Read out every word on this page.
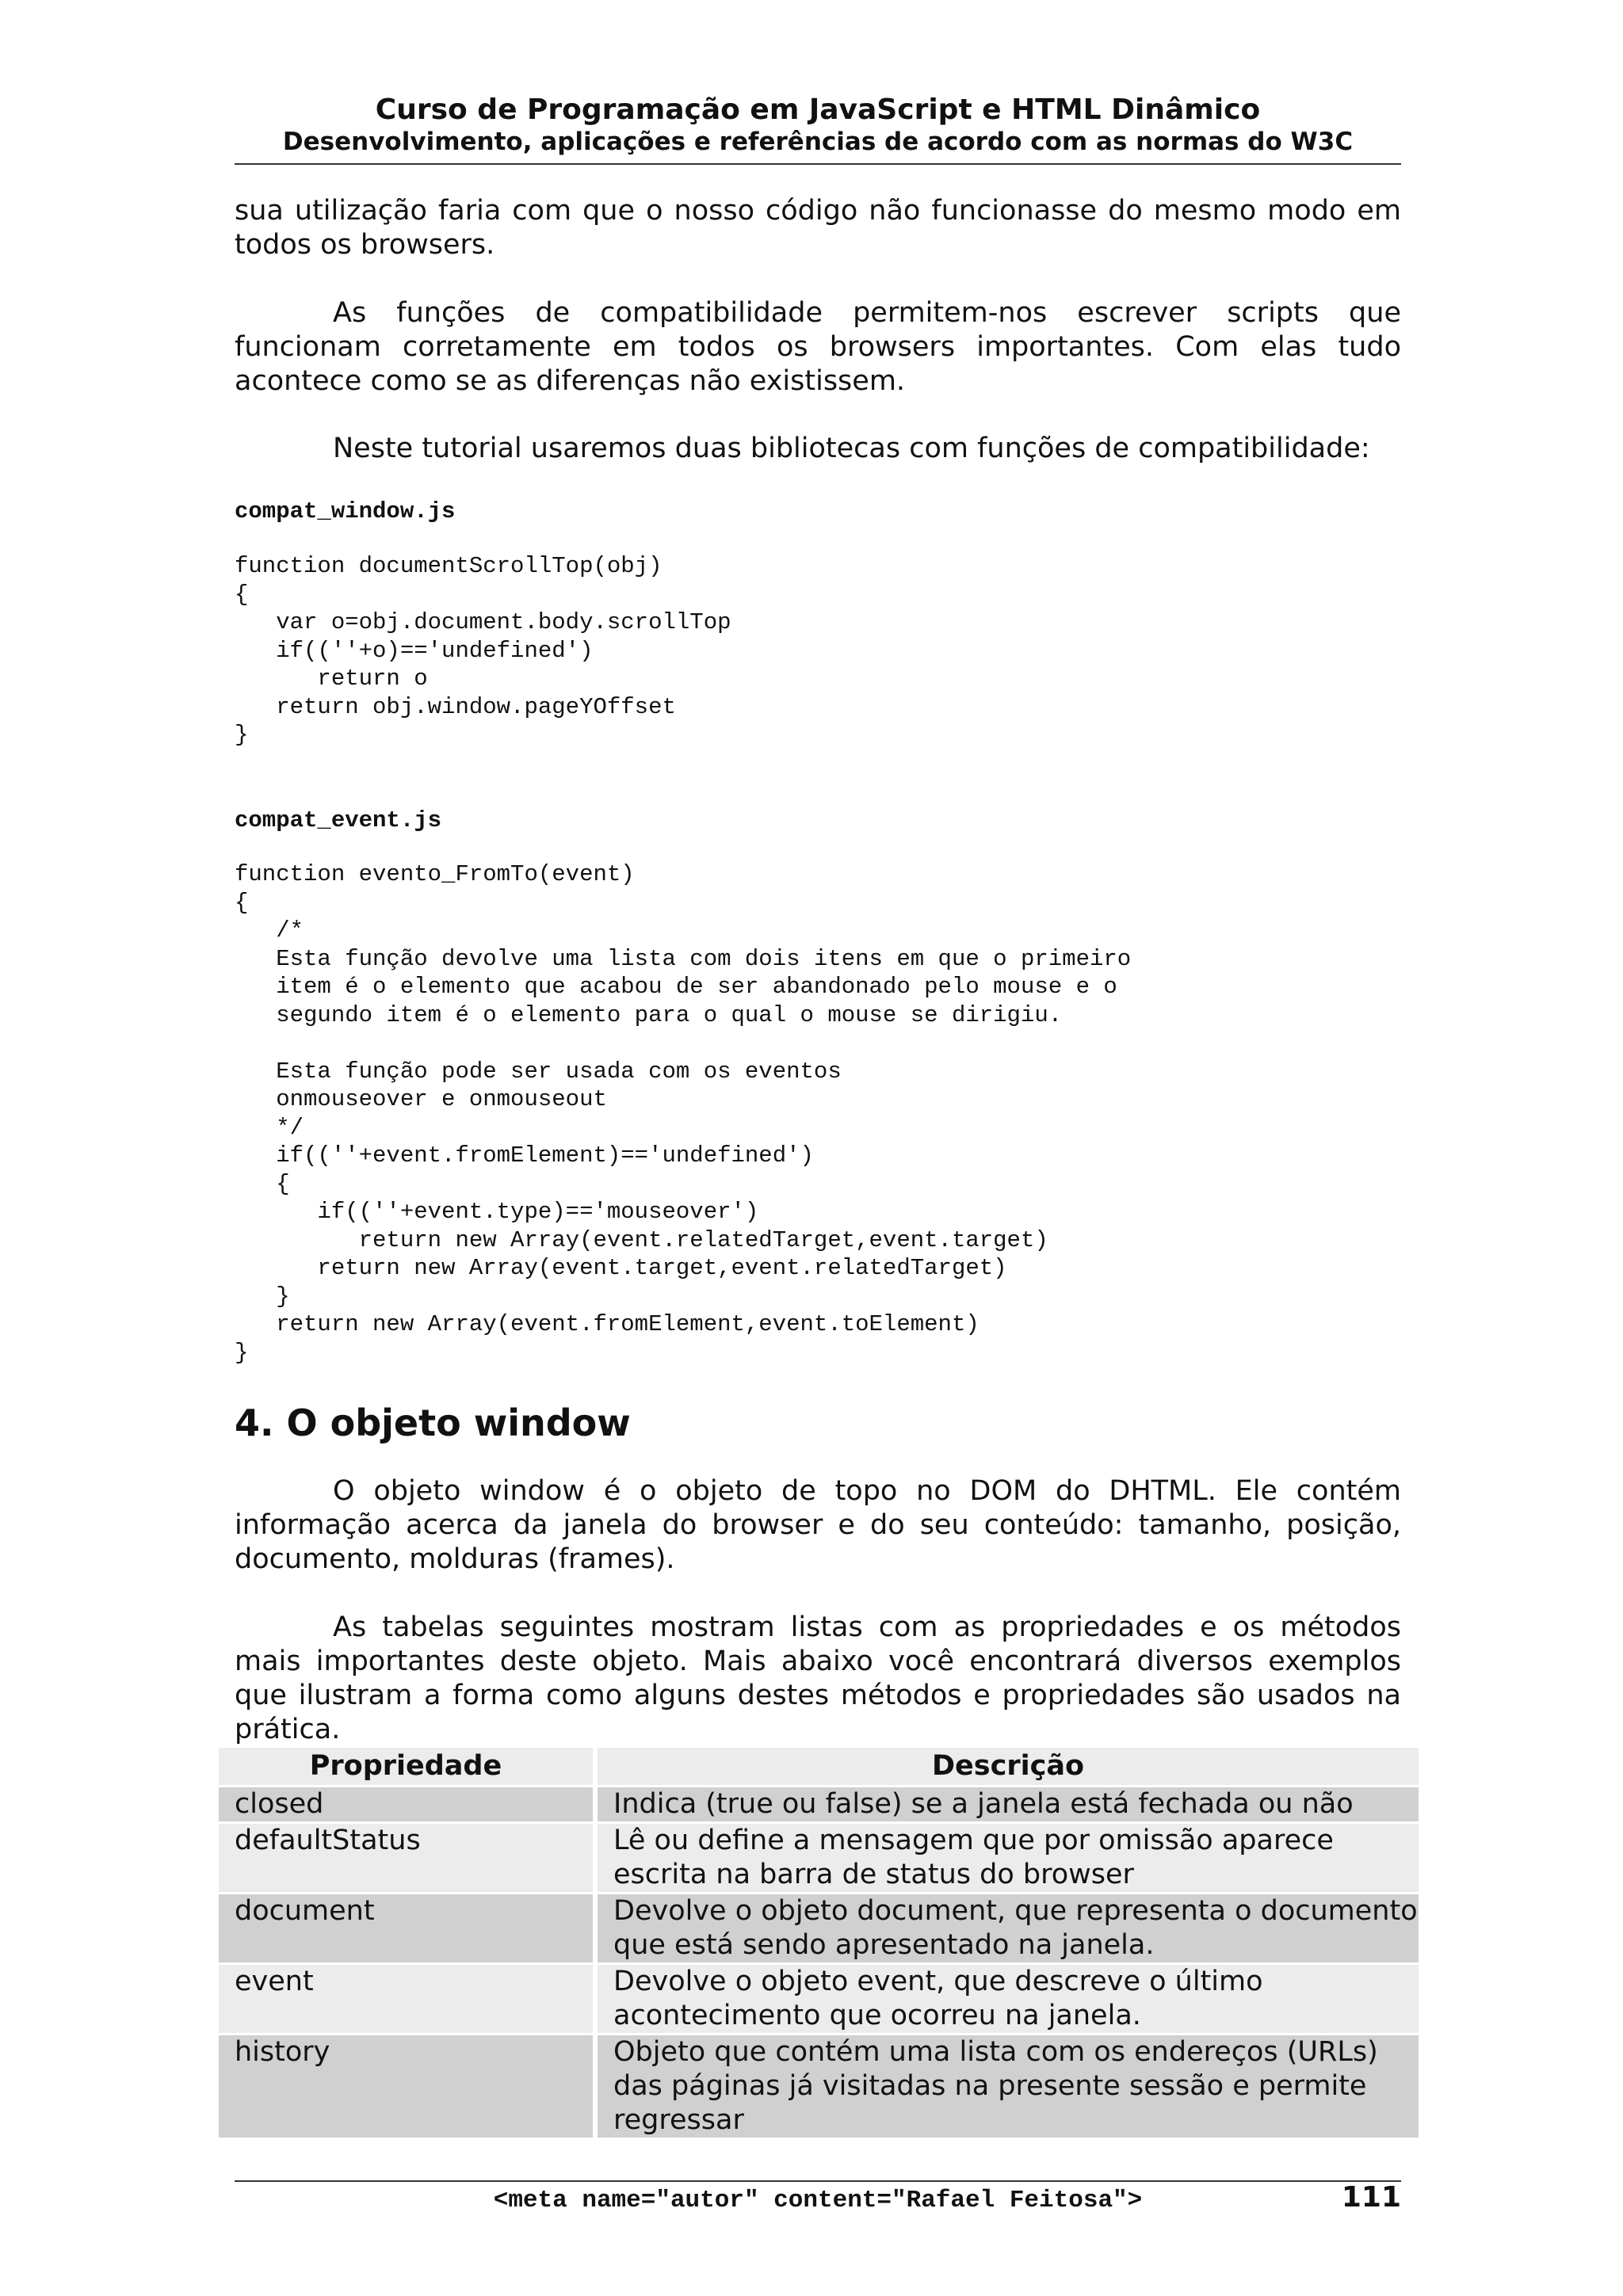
Curso de Programação em JavaScript e HTML Dinâmico
Desenvolvimento, aplicações e referências de acordo com as normas do W3C
sua utilização faria com que o nosso código não funcionasse do mesmo modo em todos os browsers.
As funções de compatibilidade permitem-nos escrever scripts que funcionam corretamente em todos os browsers importantes. Com elas tudo acontece como se as diferenças não existissem.
Neste tutorial usaremos duas bibliotecas com funções de compatibilidade:
compat_window.js
function documentScrollTop(obj)
{
var o=obj.document.body.scrollTop
if((''+o)=='undefined')
return o
return obj.window.pageYOffset
}
compat_event.js
function evento_FromTo(event)
{
/*
Esta função devolve uma lista com dois itens em que o primeiro
item é o elemento que acabou de ser abandonado pelo mouse e o
segundo item é o elemento para o qual o mouse se dirigiu.

Esta função pode ser usada com os eventos
onmouseover e onmouseout
*/
if((''+event.fromElement)=='undefined')
{
if((''+event.type)=='mouseover')
return new Array(event.relatedTarget,event.target)
return new Array(event.target,event.relatedTarget)
}
return new Array(event.fromElement,event.toElement)
}
4. O objeto window
O objeto window é o objeto de topo no DOM do DHTML. Ele contém informação acerca da janela do browser e do seu conteúdo: tamanho, posição, documento, molduras (frames).
As tabelas seguintes mostram listas com as propriedades e os métodos mais importantes deste objeto. Mais abaixo você encontrará diversos exemplos que ilustram a forma como alguns destes métodos e propriedades são usados na prática.
Propriedade	Descrição
closed	Indica (true ou false) se a janela está fechada ou não
defaultStatus	Lê ou define a mensagem que por omissão aparece escrita na barra de status do browser
document	Devolve o objeto document, que representa o documento que está sendo apresentado na janela.
event	Devolve o objeto event, que descreve o último acontecimento que ocorreu na janela.
history	Objeto que contém uma lista com os endereços (URLs) das páginas já visitadas na presente sessão e permite regressar
<meta name="autor" content="Rafael Feitosa">	111
